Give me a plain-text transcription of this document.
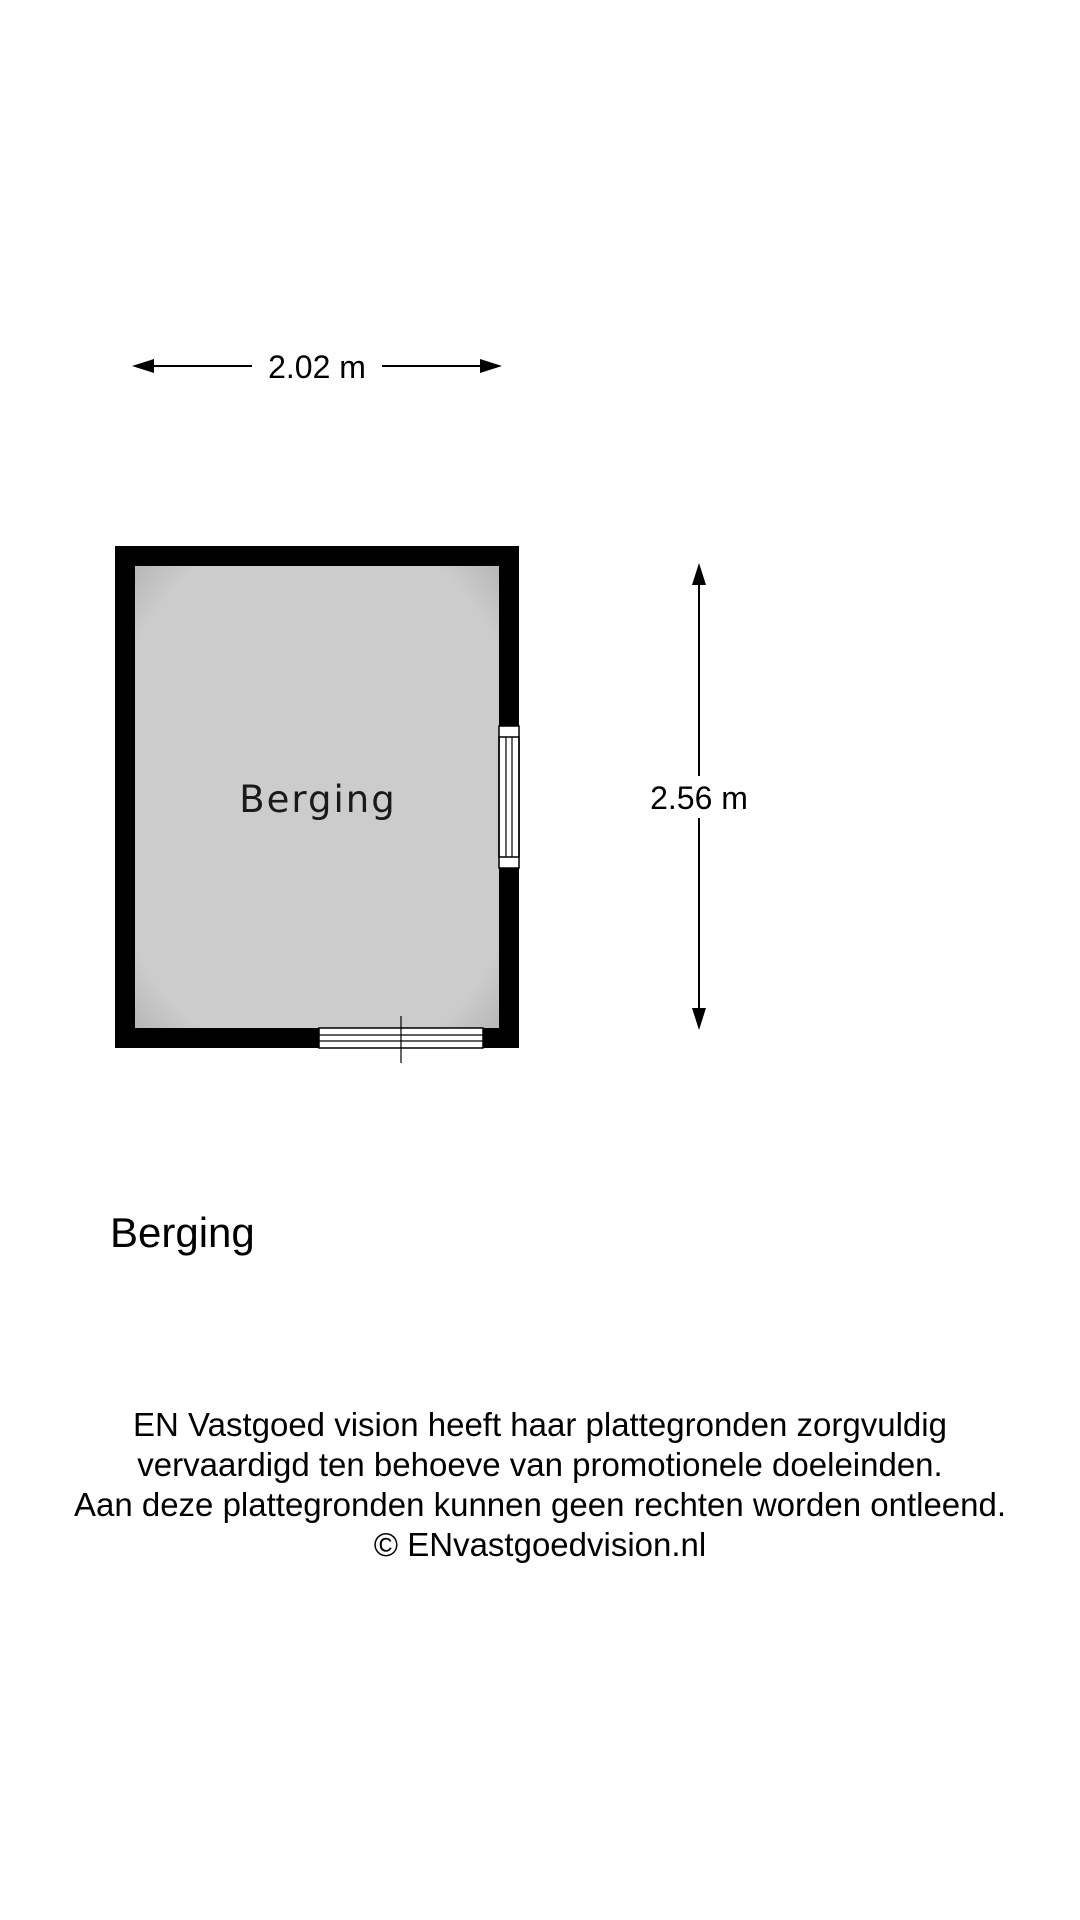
2.02 m
2.56 m
Berging
Berging
EN Vastgoed vision heeft haar plattegronden zorgvuldig
vervaardigd ten behoeve van promotionele doeleinden.
Aan deze plattegronden kunnen geen rechten worden ontleend.
© ENvastgoedvision.nl
